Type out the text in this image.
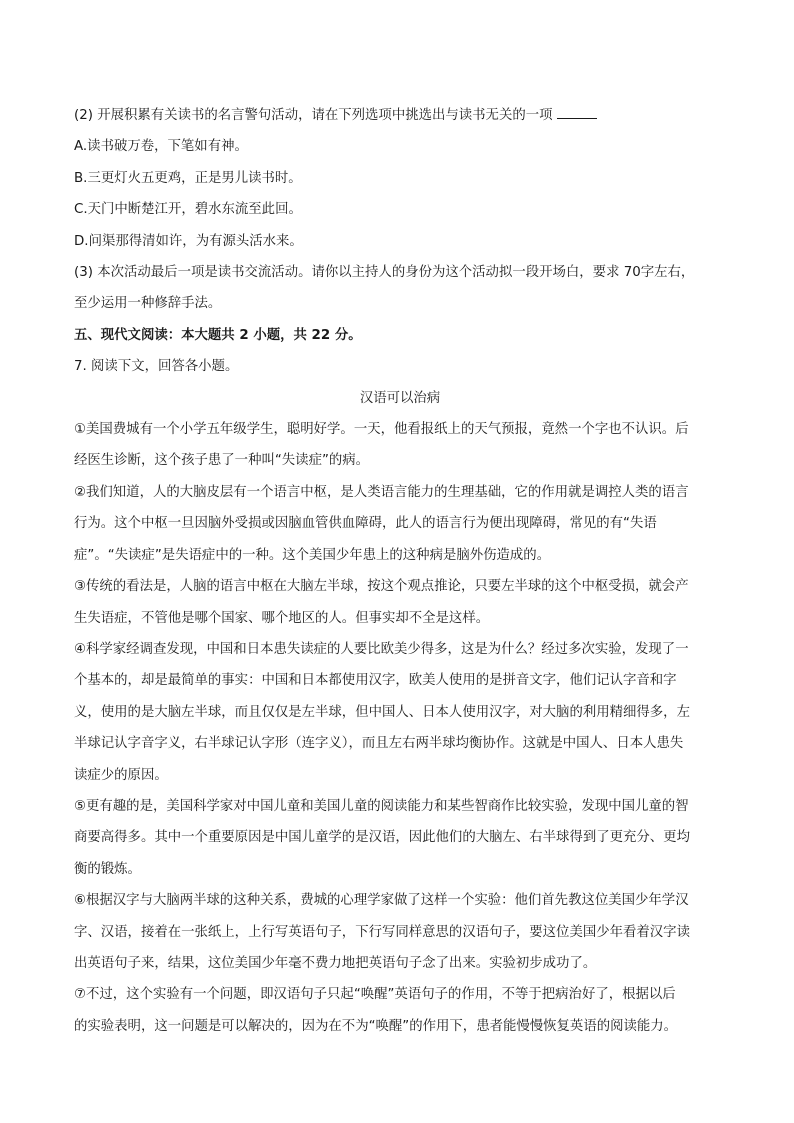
(2) 开展积累有关读书的名言警句活动，请在下列选项中挑选出与读书无关的一项
A.读书破万卷，下笔如有神。
B.三更灯火五更鸡，正是男儿读书时。
C.天门中断楚江开，碧水东流至此回。
D.问渠那得清如许，为有源头活水来。
(3) 本次活动最后一项是读书交流活动。请你以主持人的身份为这个活动拟一段开场白，要求 70字左右，
至少运用一种修辞手法。
五、现代文阅读：本大题共 2 小题，共 22 分。
7. 阅读下文，回答各小题。
汉语可以治病
①美国费城有一个小学五年级学生，聪明好学。一天，他看报纸上的天气预报，竟然一个字也不认识。后
经医生诊断，这个孩子患了一种叫“失读症”的病。
②我们知道，人的大脑皮层有一个语言中枢，是人类语言能力的生理基础，它的作用就是调控人类的语言
行为。这个中枢一旦因脑外受损或因脑血管供血障碍，此人的语言行为便出现障碍，常见的有“失语
症”。“失读症”是失语症中的一种。这个美国少年患上的这种病是脑外伤造成的。
③传统的看法是，人脑的语言中枢在大脑左半球，按这个观点推论，只要左半球的这个中枢受损，就会产
生失语症，不管他是哪个国家、哪个地区的人。但事实却不全是这样。
④科学家经调查发现，中国和日本患失读症的人要比欧美少得多，这是为什么？经过多次实验，发现了一
个基本的，却是最简单的事实：中国和日本都使用汉字，欧美人使用的是拼音文字，他们记认字音和字
义，使用的是大脑左半球，而且仅仅是左半球，但中国人、日本人使用汉字，对大脑的利用精细得多，左
半球记认字音字义，右半球记认字形（连字义），而且左右两半球均衡协作。这就是中国人、日本人患失
读症少的原因。
⑤更有趣的是，美国科学家对中国儿童和美国儿童的阅读能力和某些智商作比较实验，发现中国儿童的智
商要高得多。其中一个重要原因是中国儿童学的是汉语，因此他们的大脑左、右半球得到了更充分、更均
衡的锻炼。
⑥根据汉字与大脑两半球的这种关系，费城的心理学家做了这样一个实验：他们首先教这位美国少年学汉
字、汉语，接着在一张纸上，上行写英语句子，下行写同样意思的汉语句子，要这位美国少年看着汉字读
出英语句子来，结果，这位美国少年毫不费力地把英语句子念了出来。实验初步成功了。
⑦不过，这个实验有一个问题，即汉语句子只起“唤醒”英语句子的作用，不等于把病治好了，根据以后
的实验表明，这一问题是可以解决的，因为在不为“唤醒”的作用下，患者能慢慢恢复英语的阅读能力。
